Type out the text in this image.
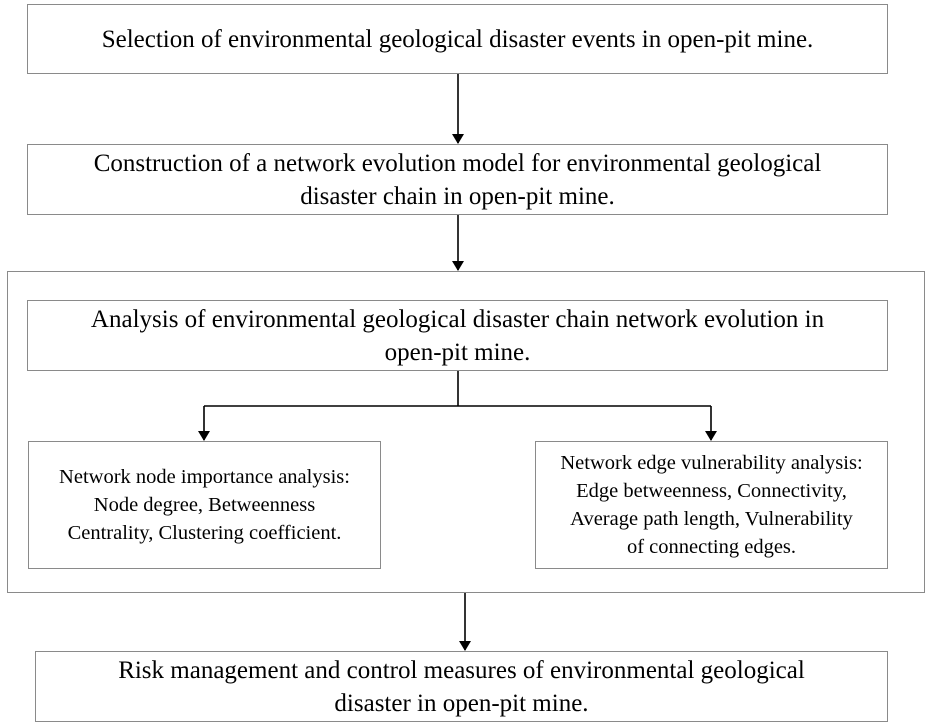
Selection of environmental geological disaster events in open-pit mine.
Construction of a network evolution model for environmental geological
disaster chain in open-pit mine.
Analysis of environmental geological disaster chain network evolution in
open-pit mine.
Network node importance analysis:
Node degree, Betweenness
Centrality, Clustering coefficient.
Network edge vulnerability analysis:
Edge betweenness, Connectivity,
Average path length, Vulnerability
of connecting edges.
Risk management and control measures of environmental geological
disaster in open-pit mine.
